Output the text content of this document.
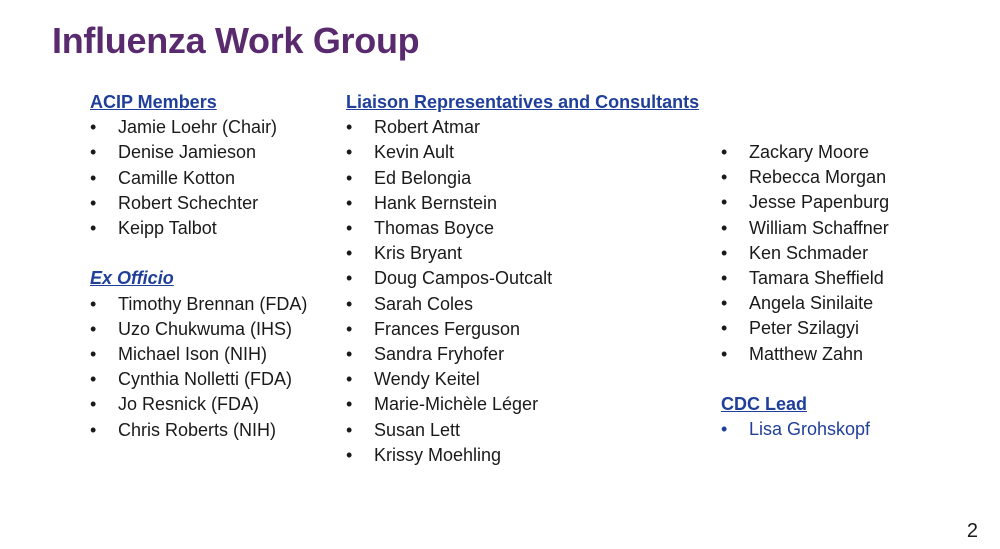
Influenza Work Group
ACIP Members
• Jamie Loehr (Chair)
• Denise Jamieson
• Camille Kotton
• Robert Schechter
• Keipp Talbot
Ex Officio
• Timothy Brennan (FDA)
• Uzo Chukwuma (IHS)
• Michael Ison (NIH)
• Cynthia Nolletti (FDA)
• Jo Resnick (FDA)
• Chris Roberts (NIH)
Liaison Representatives and Consultants
• Robert Atmar
• Kevin Ault
• Ed Belongia
• Hank Bernstein
• Thomas Boyce
• Kris Bryant
• Doug Campos-Outcalt
• Sarah Coles
• Frances Ferguson
• Sandra Fryhofer
• Wendy Keitel
• Marie-Michèle Léger
• Susan Lett
• Krissy Moehling
• Zackary Moore
• Rebecca Morgan
• Jesse Papenburg
• William Schaffner
• Ken Schmader
• Tamara Sheffield
• Angela Sinilaite
• Peter Szilagyi
• Matthew Zahn
CDC Lead
• Lisa Grohskopf
2
